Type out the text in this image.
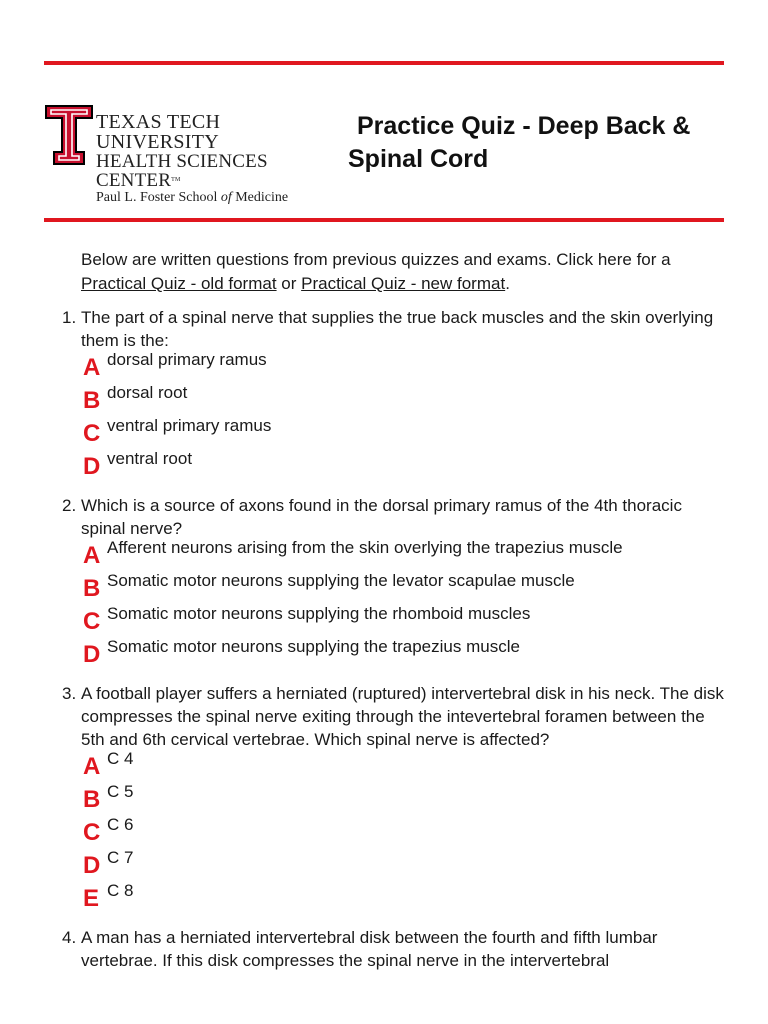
TEXAS TECH UNIVERSITY
HEALTH SCIENCES CENTERTM
Paul L. Foster School of Medicine
Practice Quiz - Deep Back &
Spinal Cord
Below are written questions from previous quizzes and exams. Click here for a Practical Quiz - old format or Practical Quiz - new format.
1. The part of a spinal nerve that supplies the true back muscles and the skin overlying them is the:
A dorsal primary ramus
B dorsal root
C ventral primary ramus
D ventral root
2. Which is a source of axons found in the dorsal primary ramus of the 4th thoracic spinal nerve?
A Afferent neurons arising from the skin overlying the trapezius muscle
B Somatic motor neurons supplying the levator scapulae muscle
C Somatic motor neurons supplying the rhomboid muscles
D Somatic motor neurons supplying the trapezius muscle
3. A football player suffers a herniated (ruptured) intervertebral disk in his neck. The disk compresses the spinal nerve exiting through the intevertebral foramen between the 5th and 6th cervical vertebrae. Which spinal nerve is affected?
A C 4
B C 5
C C 6
D C 7
E C 8
4. A man has a herniated intervertebral disk between the fourth and fifth lumbar vertebrae. If this disk compresses the spinal nerve in the intervertebral
